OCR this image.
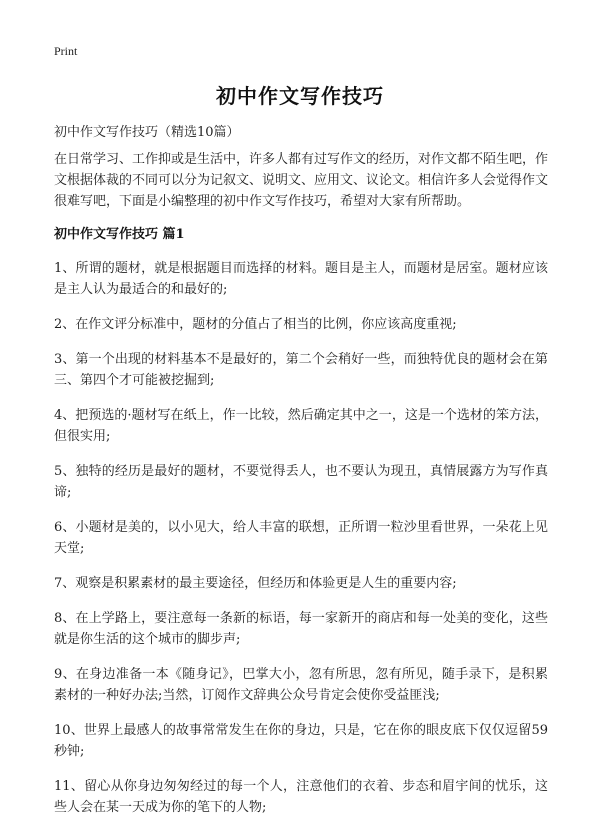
Print
初中作文写作技巧
初中作文写作技巧（精选10篇）

在日常学习、工作抑或是生活中，许多人都有过写作文的经历，对作文都不陌生吧，作文根据体裁的不同可以分为记叙文、说明文、应用文、议论文。相信许多人会觉得作文很难写吧，下面是小编整理的初中作文写作技巧，希望对大家有所帮助。

初中作文写作技巧 篇1

1、所谓的题材，就是根据题目而选择的材料。题目是主人，而题材是居室。题材应该是主人认为最适合的和最好的;

2、在作文评分标准中，题材的分值占了相当的比例，你应该高度重视;

3、第一个出现的材料基本不是最好的，第二个会稍好一些，而独特优良的题材会在第三、第四个才可能被挖掘到;

4、把预选的·题材写在纸上，作一比较，然后确定其中之一，这是一个选材的笨方法，但很实用;

5、独特的经历是最好的题材，不要觉得丢人，也不要认为现丑，真情展露方为写作真谛;

6、小题材是美的，以小见大，给人丰富的联想，正所谓一粒沙里看世界，一朵花上见天堂;

7、观察是积累素材的最主要途径，但经历和体验更是人生的重要内容;

8、在上学路上，要注意每一条新的标语，每一家新开的商店和每一处美的变化，这些就是你生活的这个城市的脚步声;

9、在身边准备一本《随身记》，巴掌大小，忽有所思，忽有所见，随手录下，是积累素材的一种好办法;当然，订阅作文辞典公众号肯定会使你受益匪浅;

10、世界上最感人的故事常常发生在你的身边，只是，它在你的眼皮底下仅仅逗留59秒钟;

11、留心从你身边匆匆经过的每一个人，注意他们的衣着、步态和眉宇间的忧乐，这些人会在某一天成为你的笔下的人物;
